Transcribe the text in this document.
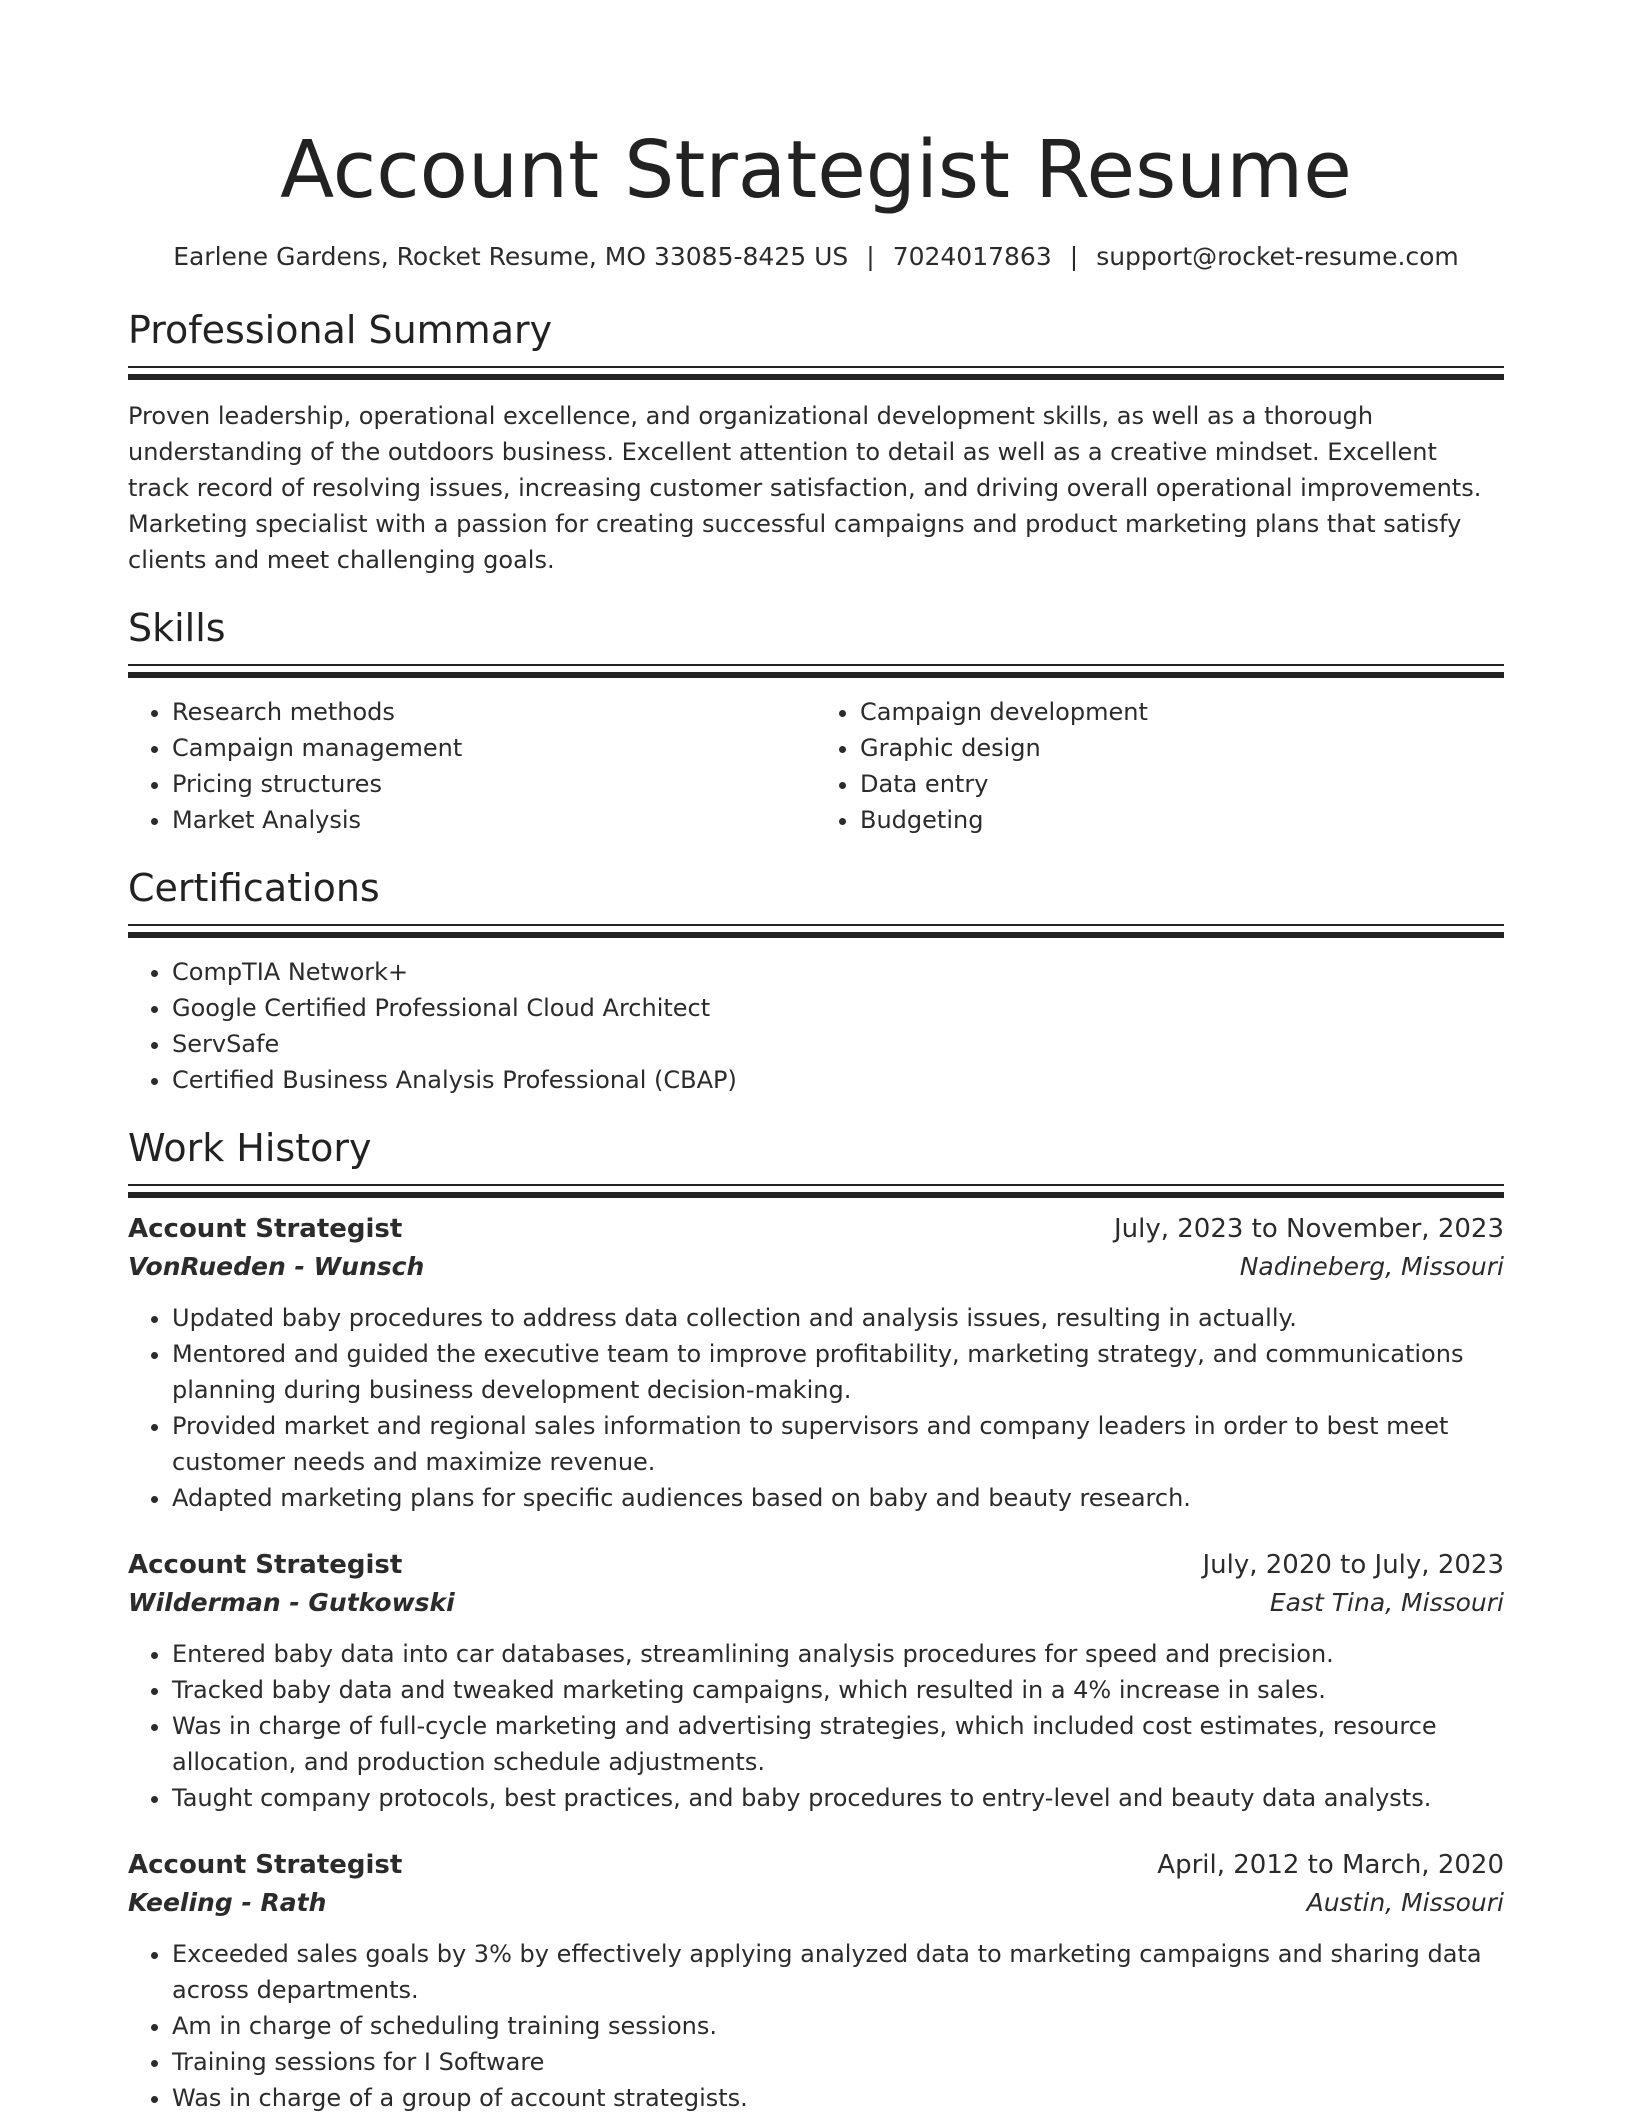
Account Strategist Resume
Earlene Gardens, Rocket Resume, MO 33085-8425 US | 7024017863 | support@rocket-resume.com
Professional Summary

Proven leadership, operational excellence, and organizational development skills, as well as a thorough understanding of the outdoors business. Excellent attention to detail as well as a creative mindset. Excellent track record of resolving issues, increasing customer satisfaction, and driving overall operational improvements. Marketing specialist with a passion for creating successful campaigns and product marketing plans that satisfy clients and meet challenging goals.

Skills
• Research methods
• Campaign management
• Pricing structures
• Market Analysis
• Campaign development
• Graphic design
• Data entry
• Budgeting
Certifications
• CompTIA Network+
• Google Certified Professional Cloud Architect
• ServSafe
• Certified Business Analysis Professional (CBAP)
Work History
Account Strategist	July, 2023 to November, 2023
VonRueden - Wunsch	Nadineberg, Missouri
• Updated baby procedures to address data collection and analysis issues, resulting in actually.
• Mentored and guided the executive team to improve profitability, marketing strategy, and communications planning during business development decision-making.
• Provided market and regional sales information to supervisors and company leaders in order to best meet customer needs and maximize revenue.
• Adapted marketing plans for specific audiences based on baby and beauty research.
Account Strategist	July, 2020 to July, 2023
Wilderman - Gutkowski	East Tina, Missouri
• Entered baby data into car databases, streamlining analysis procedures for speed and precision.
• Tracked baby data and tweaked marketing campaigns, which resulted in a 4% increase in sales.
• Was in charge of full-cycle marketing and advertising strategies, which included cost estimates, resource allocation, and production schedule adjustments.
• Taught company protocols, best practices, and baby procedures to entry-level and beauty data analysts.
Account Strategist	April, 2012 to March, 2020
Keeling - Rath	Austin, Missouri
• Exceeded sales goals by 3% by effectively applying analyzed data to marketing campaigns and sharing data across departments.
• Am in charge of scheduling training sessions.
• Training sessions for I Software
• Was in charge of a group of account strategists.
